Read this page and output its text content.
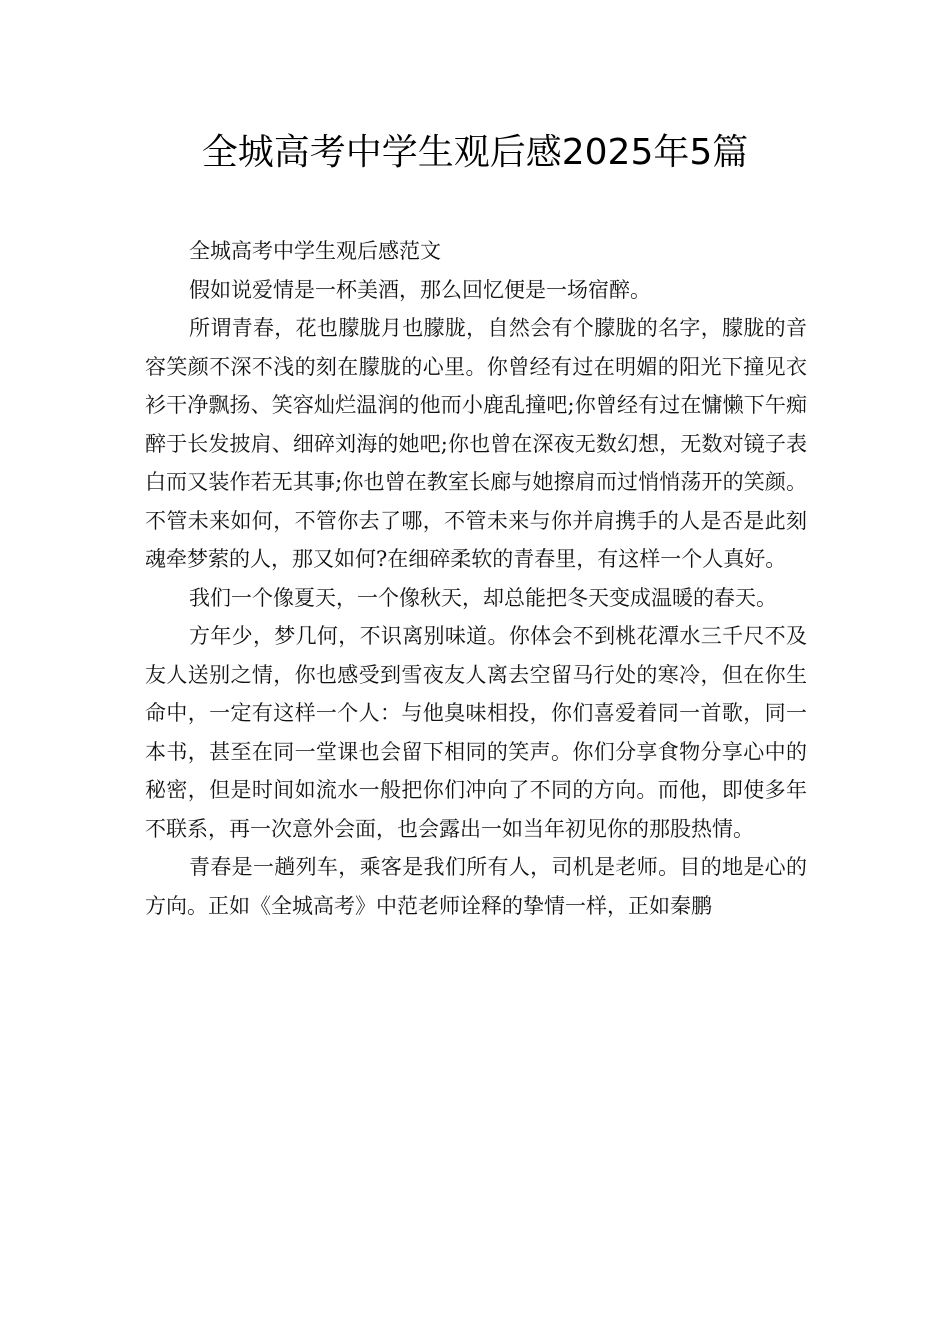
全城高考中学生观后感2025年5篇

全城高考中学生观后感范文

假如说爱情是一杯美酒，那么回忆便是一场宿醉。

所谓青春，花也朦胧月也朦胧，自然会有个朦胧的名字，朦胧的音容笑颜不深不浅的刻在朦胧的心里。你曾经有过在明媚的阳光下撞见衣衫干净飘扬、笑容灿烂温润的他而小鹿乱撞吧;你曾经有过在慵懒下午痴醉于长发披肩、细碎刘海的她吧;你也曾在深夜无数幻想，无数对镜子表白而又装作若无其事;你也曾在教室长廊与她擦肩而过悄悄荡开的笑颜。不管未来如何，不管你去了哪，不管未来与你并肩携手的人是否是此刻魂牵梦萦的人，那又如何?在细碎柔软的青春里，有这样一个人真好。

我们一个像夏天，一个像秋天，却总能把冬天变成温暖的春天。

方年少，梦几何，不识离别味道。你体会不到桃花潭水三千尺不及友人送别之情，你也感受到雪夜友人离去空留马行处的寒冷，但在你生命中，一定有这样一个人：与他臭味相投，你们喜爱着同一首歌，同一本书，甚至在同一堂课也会留下相同的笑声。你们分享食物分享心中的秘密，但是时间如流水一般把你们冲向了不同的方向。而他，即使多年不联系，再一次意外会面，也会露出一如当年初见你的那股热情。

青春是一趟列车，乘客是我们所有人，司机是老师。目的地是心的方向。正如《全城高考》中范老师诠释的挚情一样，正如秦鹏
